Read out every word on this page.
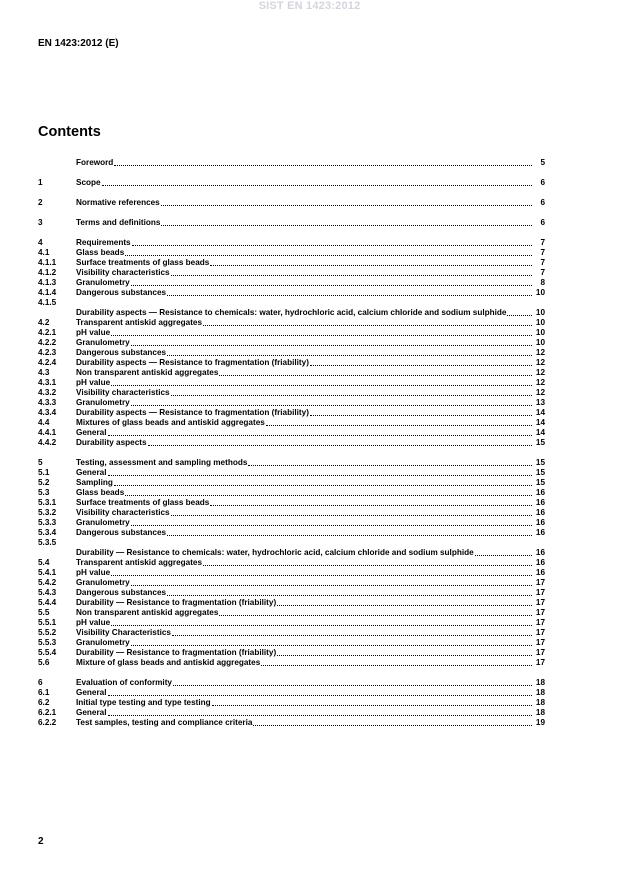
SIST EN 1423:2012
EN 1423:2012 (E)
Contents
Foreword	5
1	Scope	6
2	Normative references	6
3	Terms and definitions	6
4	Requirements	7
4.1	Glass beads	7
4.1.1	Surface treatments of glass beads	7
4.1.2	Visibility characteristics	7
4.1.3	Granulometry	8
4.1.4	Dangerous substances	10
4.1.5
Durability aspects — Resistance to chemicals: water, hydrochloric acid, calcium chloride and sodium sulphide	10
4.2	Transparent antiskid aggregates	10
4.2.1	pH value	10
4.2.2	Granulometry	10
4.2.3	Dangerous substances	12
4.2.4	Durability aspects — Resistance to fragmentation (friability)	12
4.3	Non transparent antiskid aggregates	12
4.3.1	pH value	12
4.3.2	Visibility characteristics	12
4.3.3	Granulometry	13
4.3.4	Durability aspects — Resistance to fragmentation (friability)	14
4.4	Mixtures of glass beads and antiskid aggregates	14
4.4.1	General	14
4.4.2	Durability aspects	15
5	Testing, assessment and sampling methods	15
5.1	General	15
5.2	Sampling	15
5.3	Glass beads	16
5.3.1	Surface treatments of glass beads	16
5.3.2	Visibility characteristics	16
5.3.3	Granulometry	16
5.3.4	Dangerous substances	16
5.3.5
Durability — Resistance to chemicals: water, hydrochloric acid, calcium chloride and sodium sulphide	16
5.4	Transparent antiskid aggregates	16
5.4.1	pH value	16
5.4.2	Granulometry	17
5.4.3	Dangerous substances	17
5.4.4	Durability — Resistance to fragmentation (friability)	17
5.5	Non transparent antiskid aggregates	17
5.5.1	pH value	17
5.5.2	Visibility Characteristics	17
5.5.3	Granulometry	17
5.5.4	Durability — Resistance to fragmentation (friability)	17
5.6	Mixture of glass beads and antiskid aggregates	17
6	Evaluation of conformity	18
6.1	General	18
6.2	Initial type testing and type testing	18
6.2.1	General	18
6.2.2	Test samples, testing and compliance criteria	19
2
